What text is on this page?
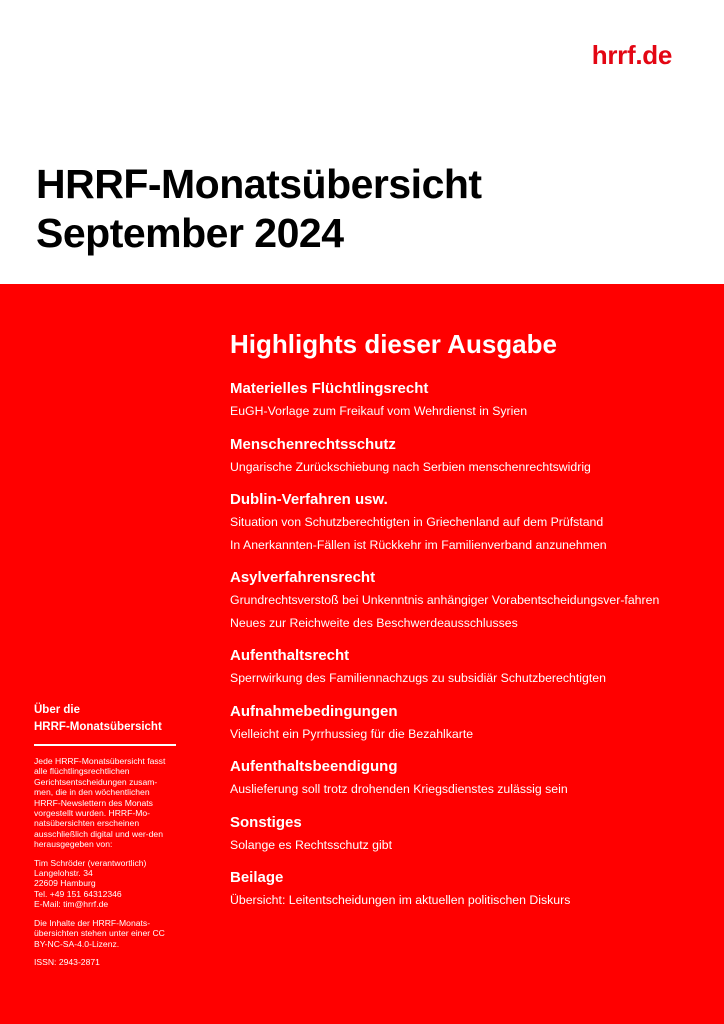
hrrf.de
HRRF-Monatsübersicht
September 2024
Highlights dieser Ausgabe
Materielles Flüchtlingsrecht

EuGH-Vorlage zum Freikauf vom Wehrdienst in Syrien

Menschenrechtsschutz

Ungarische Zurückschiebung nach Serbien menschenrechtswidrig

Dublin-Verfahren usw.

Situation von Schutzberechtigten in Griechenland auf dem Prüfstand

In Anerkannten-Fällen ist Rückkehr im Familienverband anzunehmen

Asylverfahrensrecht

Grundrechtsverstoß bei Unkenntnis anhängiger Vorabentscheidungsver-fahren

Neues zur Reichweite des Beschwerdeausschlusses

Aufenthaltsrecht

Sperrwirkung des Familiennachzugs zu subsidiär Schutzberechtigten

Aufnahmebedingungen

Vielleicht ein Pyrrhussieg für die Bezahlkarte

Aufenthaltsbeendigung

Auslieferung soll trotz drohenden Kriegsdienstes zulässig sein

Sonstiges

Solange es Rechtsschutz gibt

Beilage

Übersicht: Leitentscheidungen im aktuellen politischen Diskurs

Über die
HRRF-Monatsübersicht

Jede HRRF-Monatsübersicht fasst alle flüchtlingsrechtlichen Gerichtsentscheidungen zusam-men, die in den wöchentlichen HRRF-Newslettern des Monats vorgestellt wurden. HRRF-Mo-natsübersichten erscheinen ausschließlich digital und wer-den herausgegeben von:

Tim Schröder (verantwortlich)
Langelohstr. 34
22609 Hamburg
Tel. +49 151 64312346
E-Mail: tim@hrrf.de

Die Inhalte der HRRF-Monats-übersichten stehen unter einer CC BY-NC-SA-4.0-Lizenz.

ISSN: 2943-2871
